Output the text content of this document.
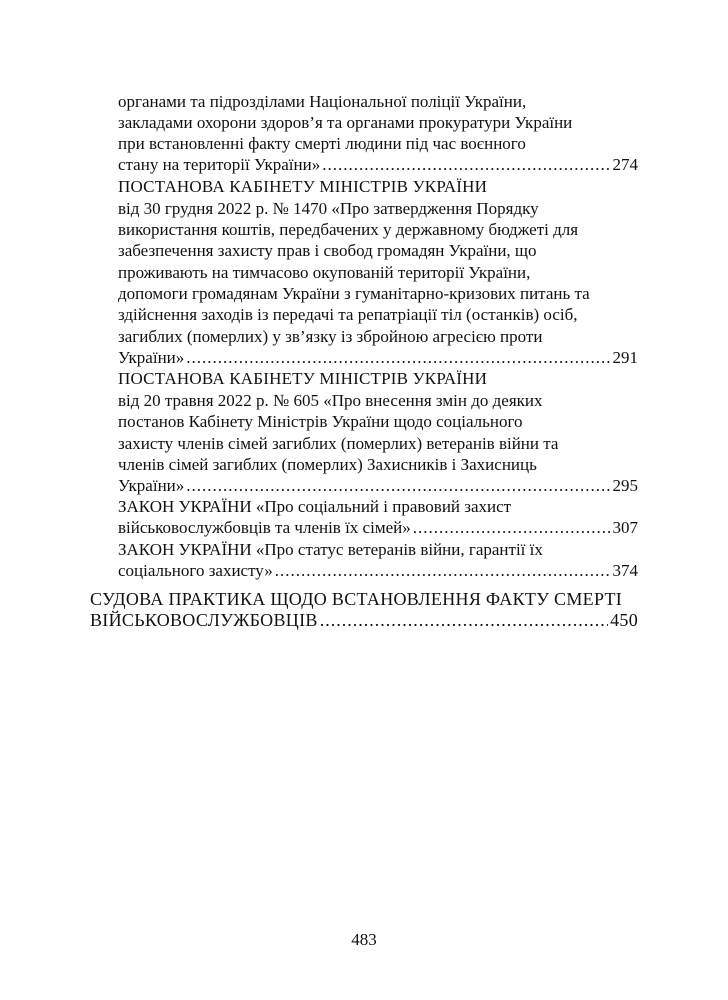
органами та підрозділами Національної поліції України,
закладами охорони здоров’я та органами прокуратури України
при встановленні факту смерті людини під час воєнного
стану на території України» .....	274
ПОСТАНОВА КАБІНЕТУ МІНІСТРІВ УКРАЇНИ
від 30 грудня 2022 р. № 1470 «Про затвердження Порядку
використання коштів, передбачених у державному бюджеті для
забезпечення захисту прав і свобод громадян України, що
проживають на тимчасово окупованій території України,
допомоги громадянам України з гуманітарно-кризових питань та
здійснення заходів із передачі та репатріації тіл (останків) осіб,
загиблих (померлих) у зв’язку із збройною агресією проти
України» .....	291
ПОСТАНОВА КАБІНЕТУ МІНІСТРІВ УКРАЇНИ
від 20 травня 2022 р. № 605 «Про внесення змін до деяких
постанов Кабінету Міністрів України щодо соціального
захисту членів сімей загиблих (померлих) ветеранів війни та
членів сімей загиблих (померлих) Захисників і Захисниць
України» .....	295
ЗАКОН УКРАЇНИ «Про соціальний і правовий захист
військовослужбовців та членів їх сімей» .....	307
ЗАКОН УКРАЇНИ «Про статус ветеранів війни, гарантії їх
соціального захисту» .....	374
СУДОВА ПРАКТИКА ЩОДО ВСТАНОВЛЕННЯ ФАКТУ СМЕРТІ
ВІЙСЬКОВОСЛУЖБОВЦІВ .....	450
483
